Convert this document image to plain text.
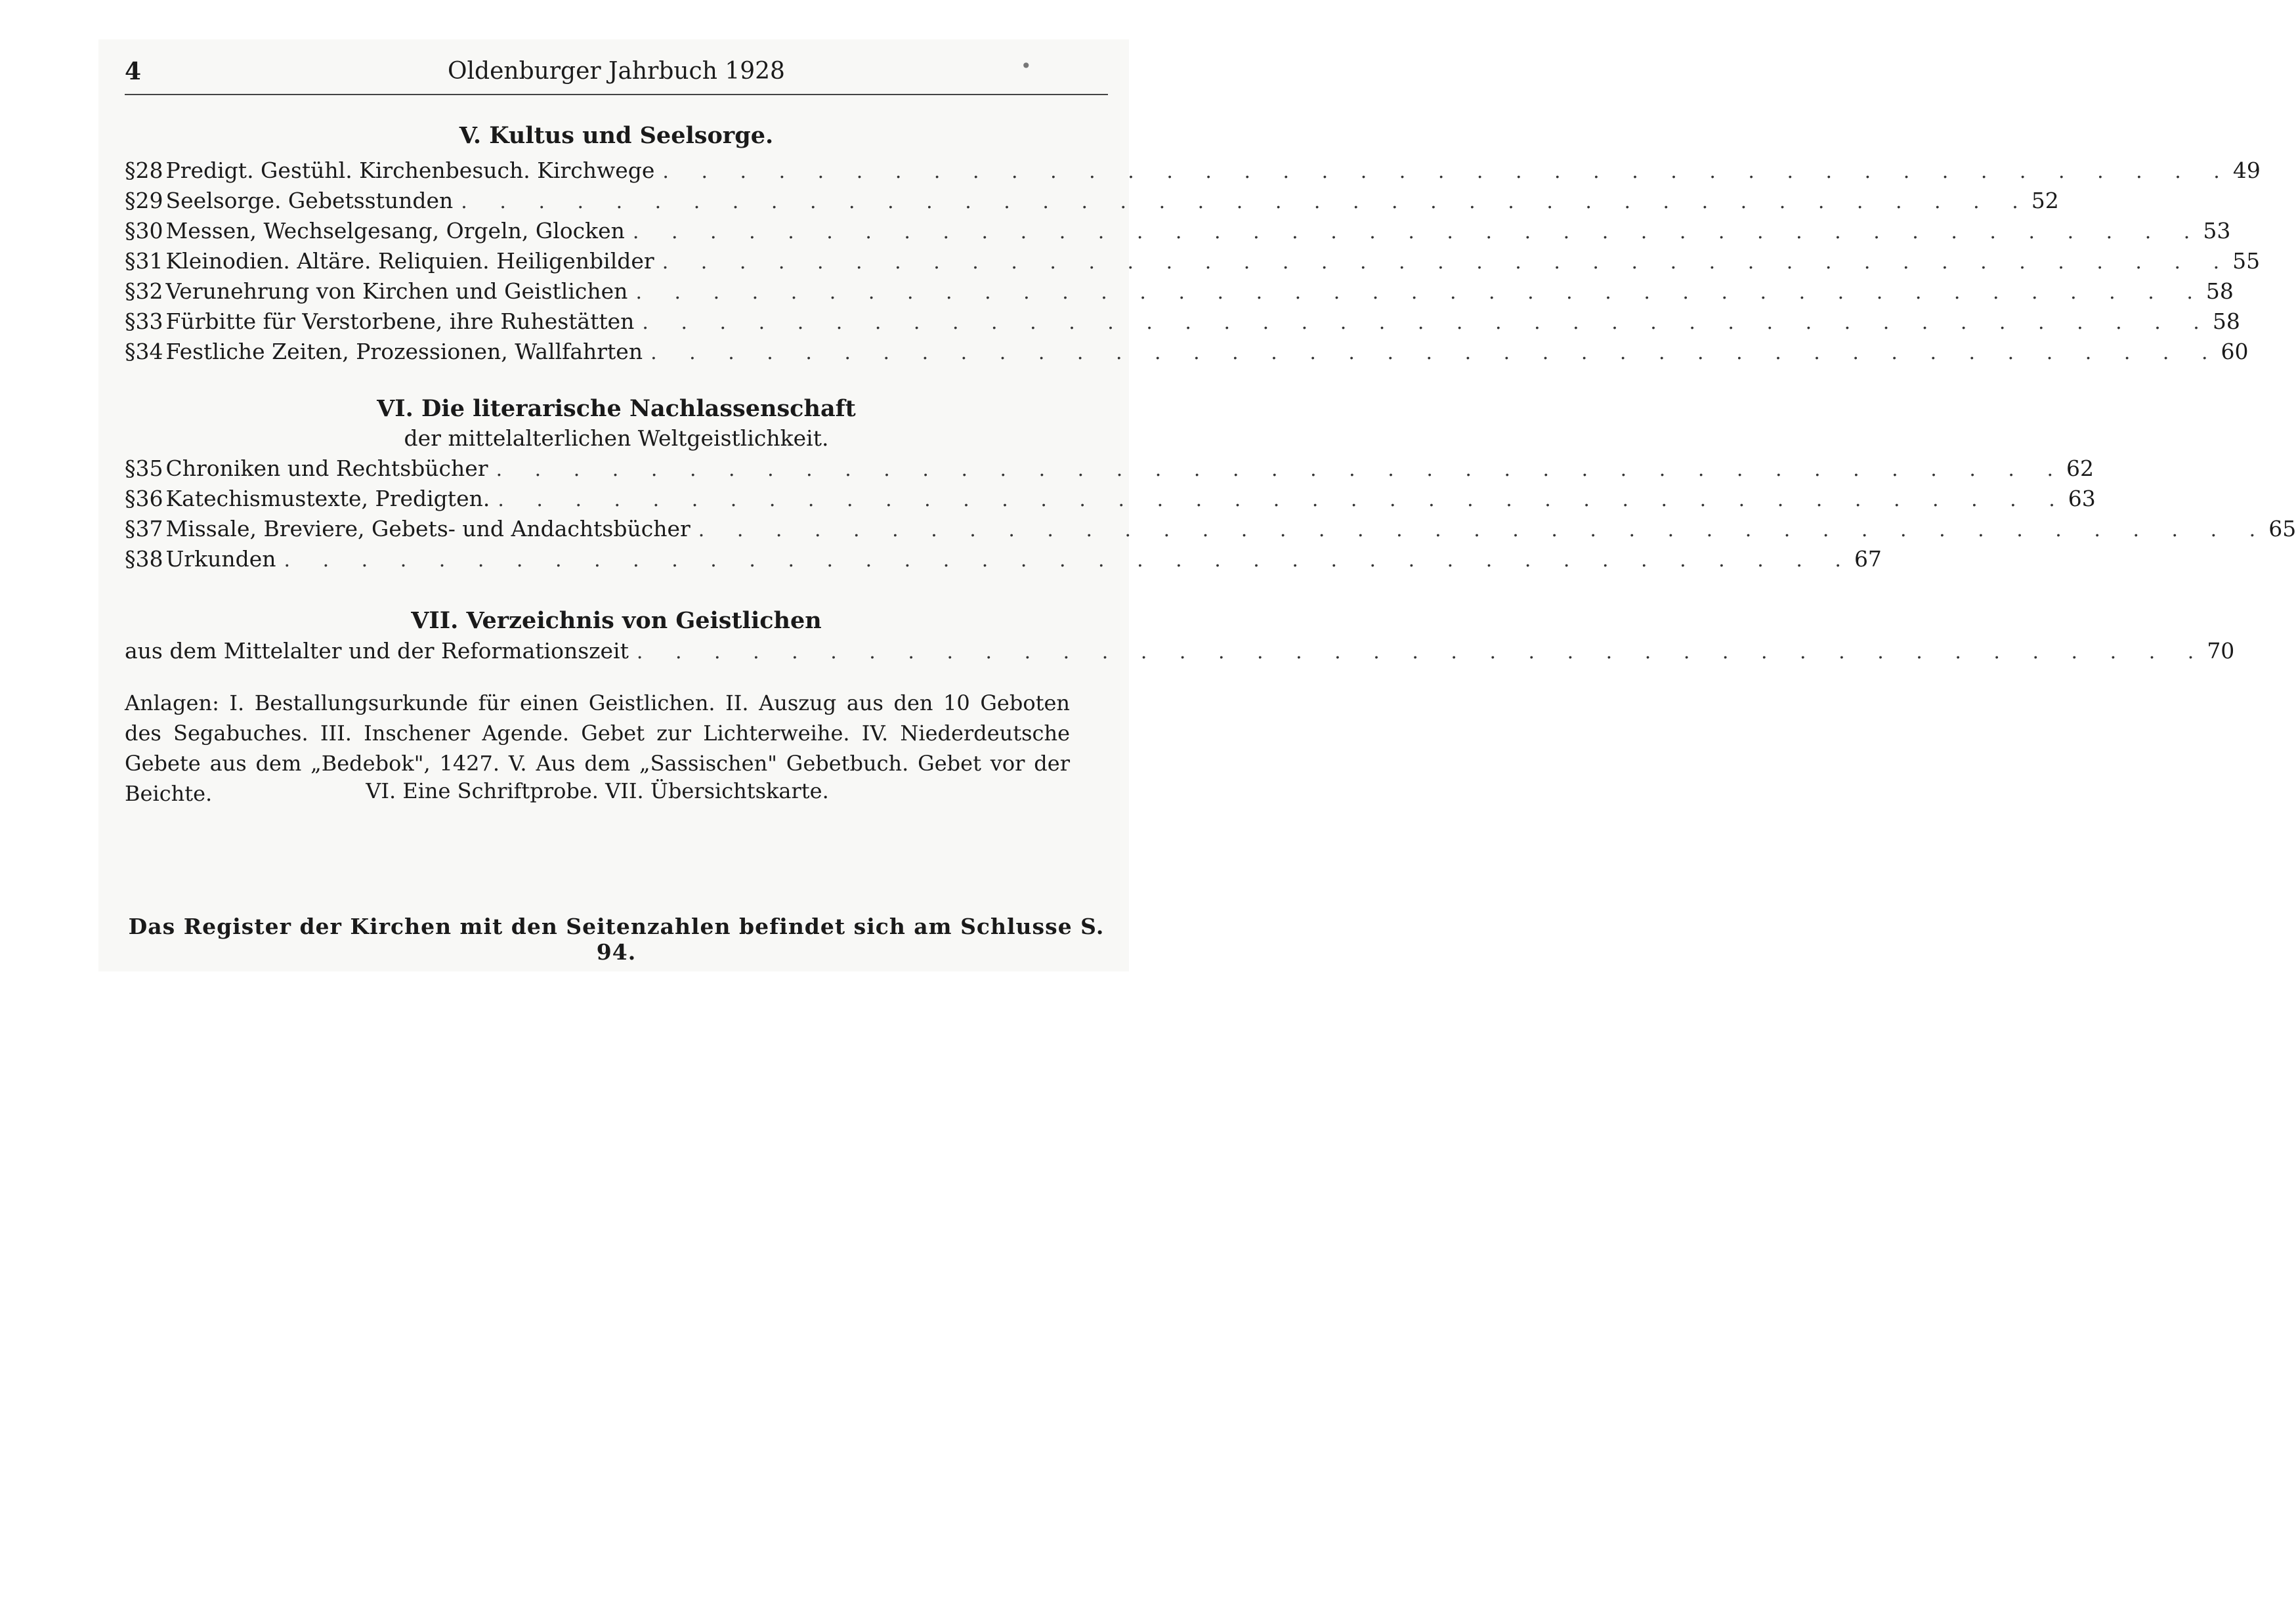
4	Oldenburger Jahrbuch 1928	•
V. Kultus und Seelsorge.
§ 28 Predigt. Gestühl. Kirchenbesuch. Kirchwege . . . . . . . . . . . . . . . . . . . . . . . . . . . . . . . . . . . . . . . . . 49
§ 29 Seelsorge. Gebetsstunden . . . . . . . . . . . . . . . . . . . . . . . . . . . . . . . . . . . . . . . . . 52
§ 30 Messen, Wechselgesang, Orgeln, Glocken . . . . . . . . . . . . . . . . . . . . . . . . . . . . . . . . . . . . . . . . . 53
§ 31 Kleinodien. Altäre. Reliquien. Heiligenbilder . . . . . . . . . . . . . . . . . . . . . . . . . . . . . . . . . . . . . . . . . 55
§ 32 Verunehrung von Kirchen und Geistlichen . . . . . . . . . . . . . . . . . . . . . . . . . . . . . . . . . . . . . . . . . 58
§ 33 Fürbitte für Verstorbene, ihre Ruhestätten . . . . . . . . . . . . . . . . . . . . . . . . . . . . . . . . . . . . . . . . . 58
§ 34 Festliche Zeiten, Prozessionen, Wallfahrten . . . . . . . . . . . . . . . . . . . . . . . . . . . . . . . . . . . . . . . . . 60
VI. Die literarische Nachlassenschaft
der mittelalterlichen Weltgeistlichkeit.
§ 35 Chroniken und Rechtsbücher . . . . . . . . . . . . . . . . . . . . . . . . . . . . . . . . . . . . . . . . . 62
§ 36 Katechismustexte, Predigten. . . . . . . . . . . . . . . . . . . . . . . . . . . . . . . . . . . . . . . . . . 63
§ 37 Missale, Breviere, Gebets- und Andachtsbücher . . . . . . . . . . . . . . . . . . . . . . . . . . . . . . . . . . . . . . . . . 65
§ 38 Urkunden . . . . . . . . . . . . . . . . . . . . . . . . . . . . . . . . . . . . . . . . . 67
VII. Verzeichnis von Geistlichen
aus dem Mittelalter und der Reformationszeit . . . . . . . . . . . . . . . . . . . . . . . . . . . . . . . . . . . . . . . . . 70
Anlagen: I. Bestallungsurkunde für einen Geistlichen. II. Auszug aus den 10 Geboten des Segabuches. III. Inschener Agende. Gebet zur Lichterweihe. IV. Niederdeutsche Gebete aus dem „Bedebok", 1427. V. Aus dem „Sassischen" Gebetbuch. Gebet vor der Beichte.	VI. Eine Schriftprobe. VII. Übersichtskarte.
Das Register der Kirchen mit den Seitenzahlen befindet sich am Schlusse S. 94.
